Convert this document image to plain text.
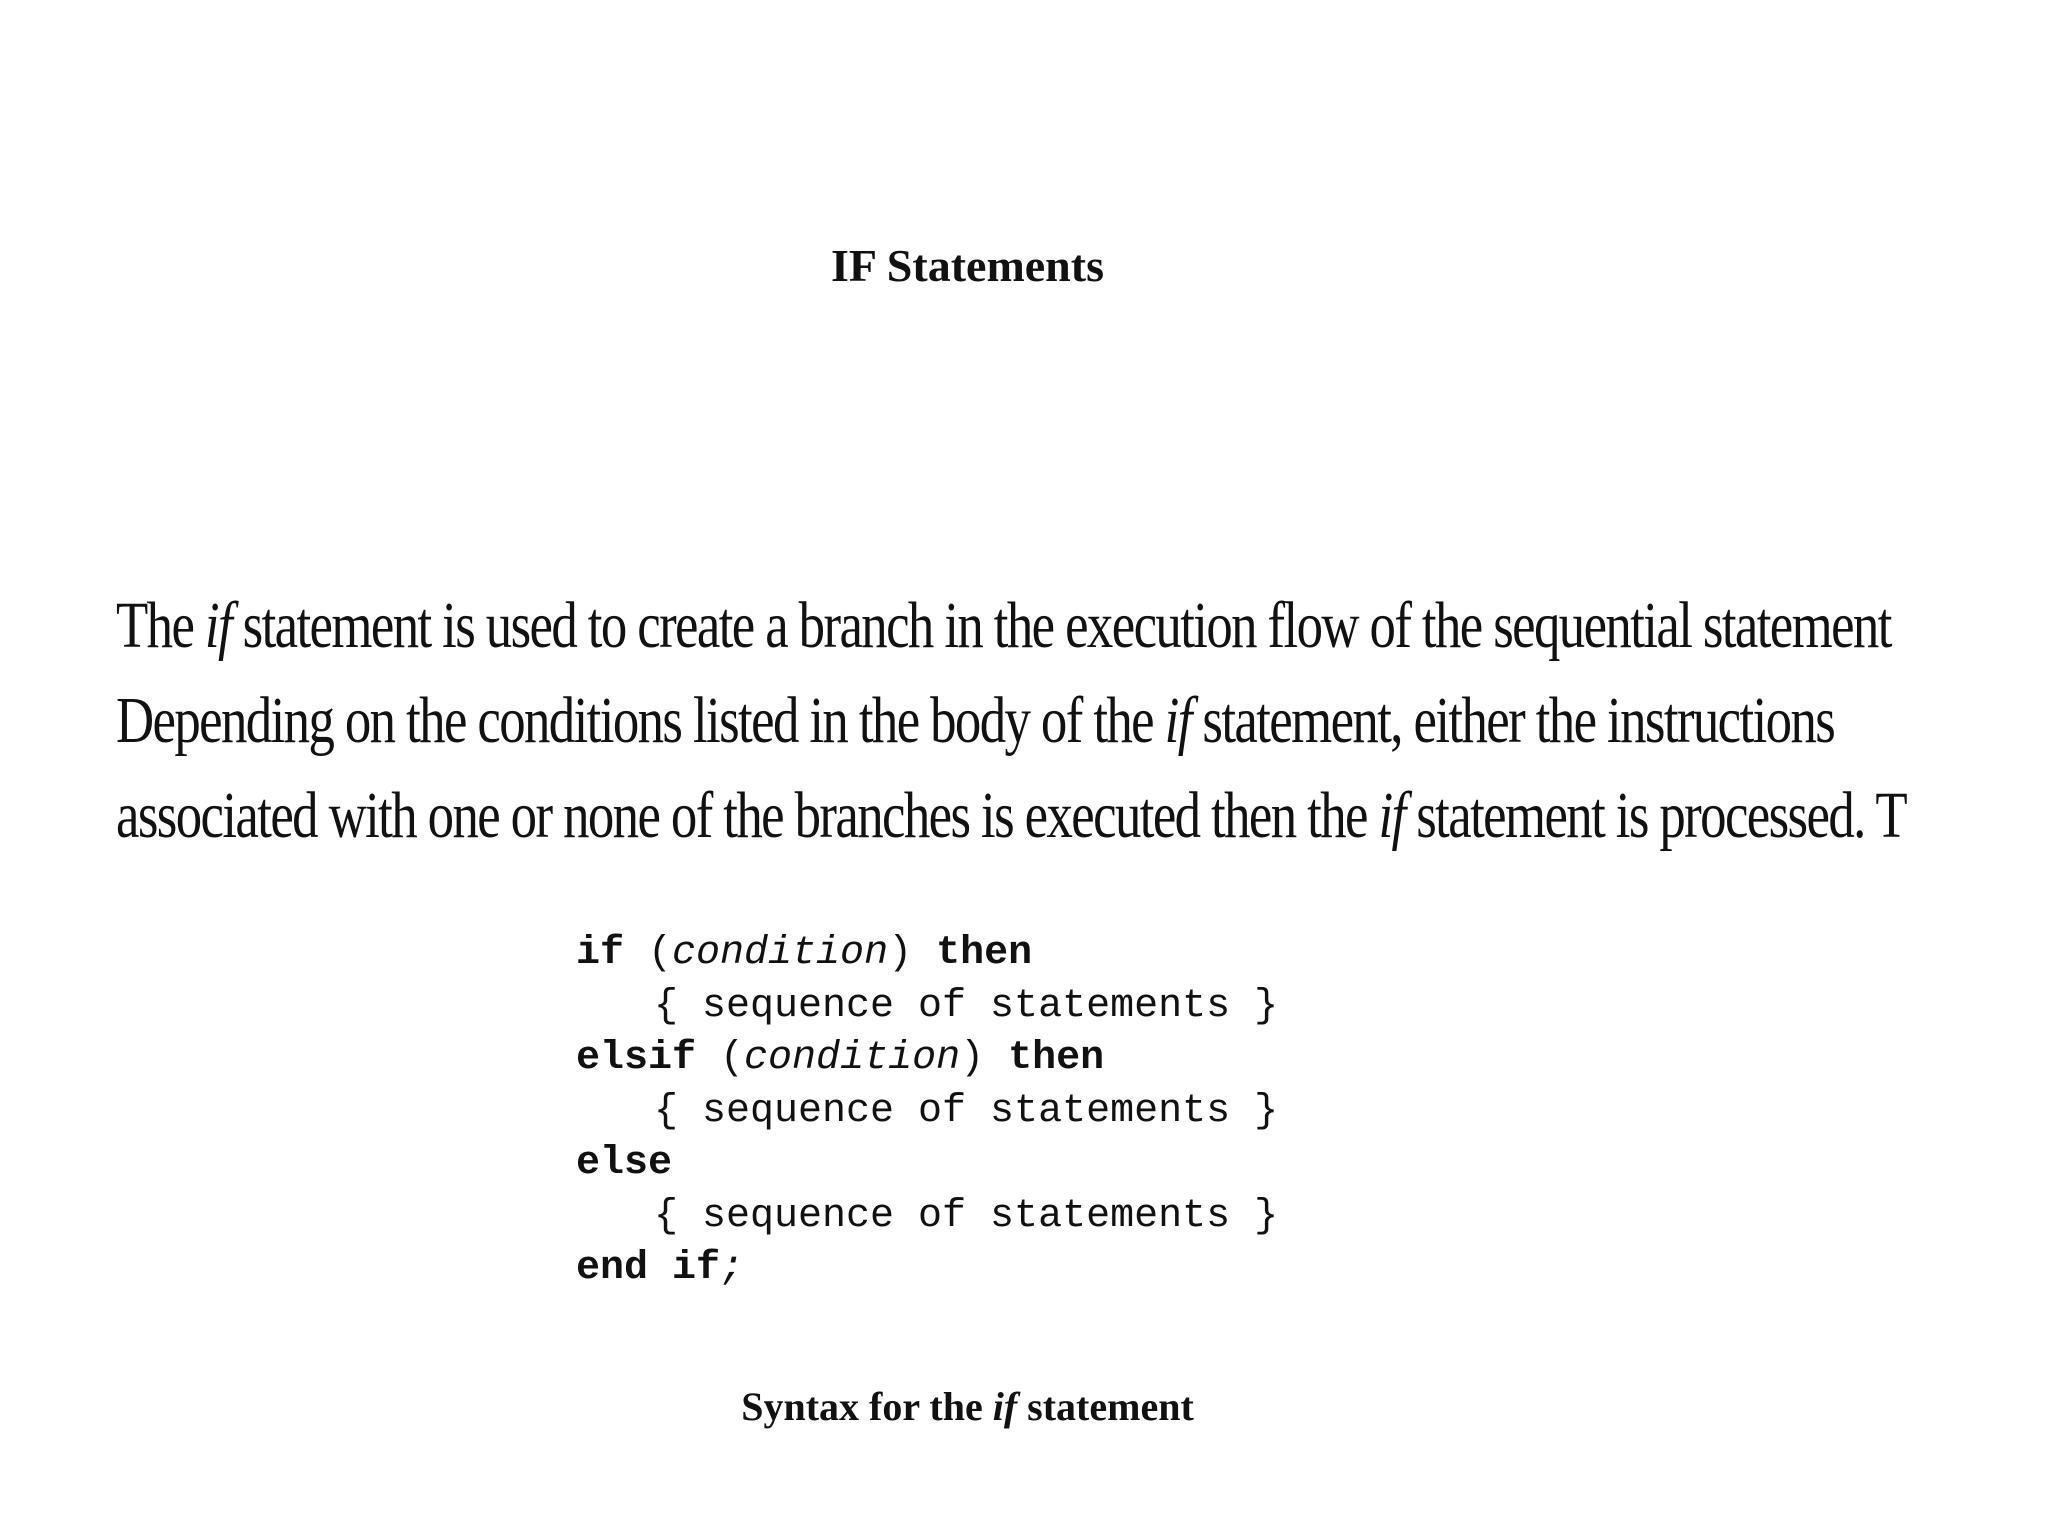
IF Statements
The if statement is used to create a branch in the execution flow of the sequential statement
Depending on the conditions listed in the body of the if statement, either the instructions
associated with one or none of the branches is executed then the if statement is processed. T
if (condition) then
{ sequence of statements }
elsif (condition) then
{ sequence of statements }
else
{ sequence of statements }
end if;
Syntax for the if statement
